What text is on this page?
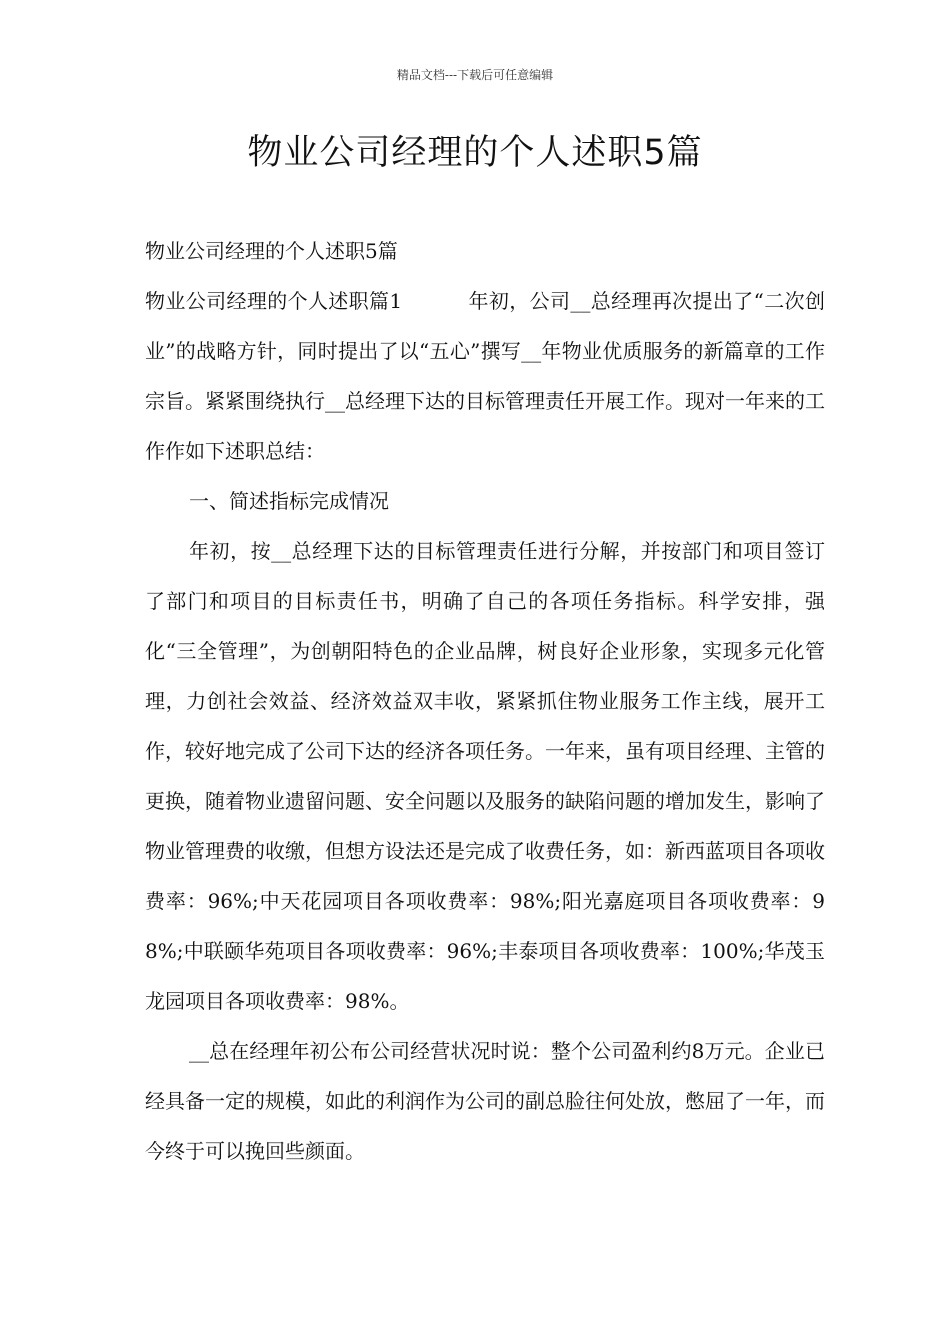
精品文档---下载后可任意编辑
物业公司经理的个人述职5篇

物业公司经理的个人述职5篇

物业公司经理的个人述职篇1	年初，公司__总经理再次提出了“二次创业”的战略方针，同时提出了以“五心”撰写__年物业优质服务的新篇章的工作宗旨。紧紧围绕执行__总经理下达的目标管理责任开展工作。现对一年来的工作作如下述职总结：

一、简述指标完成情况

年初，按__总经理下达的目标管理责任进行分解，并按部门和项目签订了部门和项目的目标责任书，明确了自己的各项任务指标。科学安排，强化“三全管理”，为创朝阳特色的企业品牌，树良好企业形象，实现多元化管理，力创社会效益、经济效益双丰收，紧紧抓住物业服务工作主线，展开工作，较好地完成了公司下达的经济各项任务。一年来，虽有项目经理、主管的更换，随着物业遗留问题、安全问题以及服务的缺陷问题的增加发生，影响了物业管理费的收缴，但想方设法还是完成了收费任务，如：新西蓝项目各项收费率：96%;中天花园项目各项收费率：98%;阳光嘉庭项目各项收费率：98%;中联颐华苑项目各项收费率：96%;丰泰项目各项收费率：100%;华茂玉龙园项目各项收费率：98%。

__总在经理年初公布公司经营状况时说：整个公司盈利约8万元。企业已经具备一定的规模，如此的利润作为公司的副总脸往何处放，憋屈了一年，而今终于可以挽回些颜面。
